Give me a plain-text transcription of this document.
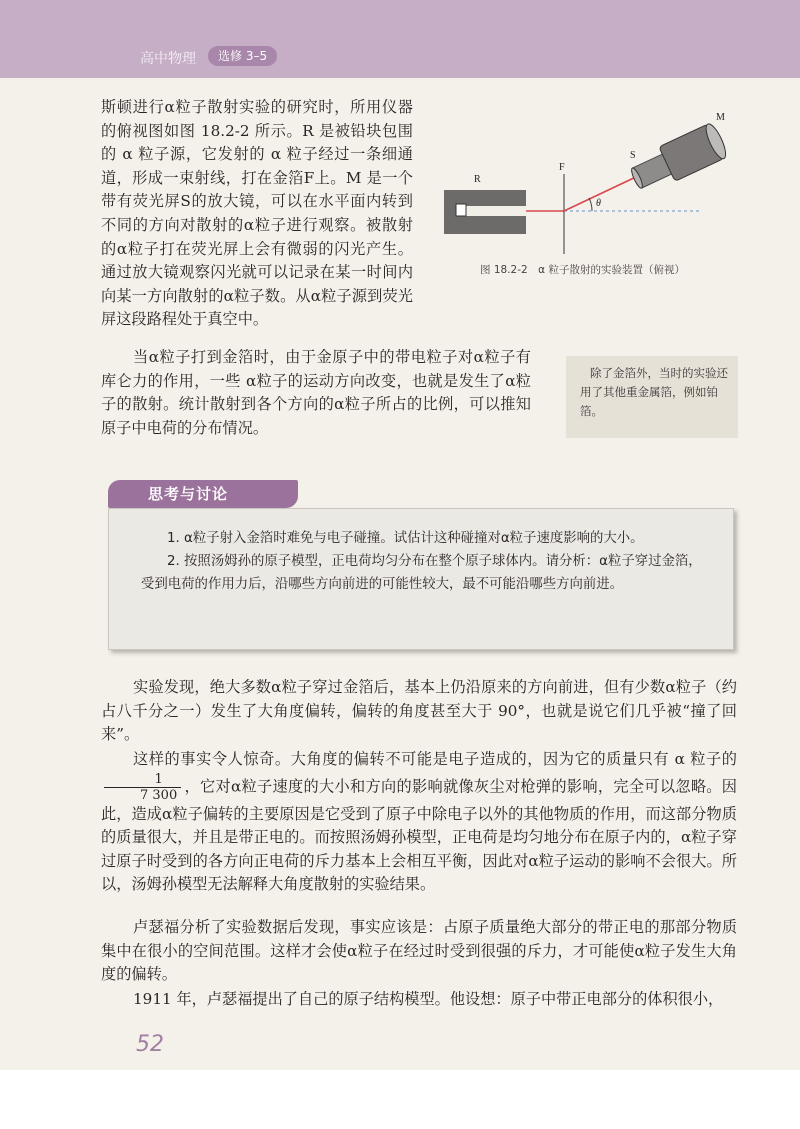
高中物理	选修 3–5

斯顿进行α粒子散射实验的研究时，所用仪器的俯视图如图 18.2-2 所示。R 是被铅块包围的 α 粒子源，它发射的 α 粒子经过一条细通道，形成一束射线，打在金箔F上。M 是一个带有荧光屏S的放大镜，可以在水平面内转到不同的方向对散射的α粒子进行观察。被散射的α粒子打在荧光屏上会有微弱的闪光产生。通过放大镜观察闪光就可以记录在某一时间内向某一方向散射的α粒子数。从α粒子源到荧光屏这段路程处于真空中。

R
F
S
M
θ
图 18.2-2　α 粒子散射的实验装置（俯视）

当α粒子打到金箔时，由于金原子中的带电粒子对α粒子有库仑力的作用，一些 α粒子的运动方向改变，也就是发生了α粒子的散射。统计散射到各个方向的α粒子所占的比例，可以推知原子中电荷的分布情况。

除了金箔外，当时的实验还用了其他重金属箔，例如铂箔。
思考与讨论

1. α粒子射入金箔时难免与电子碰撞。试估计这种碰撞对α粒子速度影响的大小。

2. 按照汤姆孙的原子模型，正电荷均匀分布在整个原子球体内。请分析：α粒子穿过金箔，受到电荷的作用力后，沿哪些方向前进的可能性较大，最不可能沿哪些方向前进。

实验发现，绝大多数α粒子穿过金箔后，基本上仍沿原来的方向前进，但有少数α粒子（约占八千分之一）发生了大角度偏转，偏转的角度甚至大于 90°，也就是说它们几乎被“撞了回来”。

这样的事实令人惊奇。大角度的偏转不可能是电子造成的，因为它的质量只有 α 粒子的
$\frac{1}{7 300}$ ，它对α粒子速度的大小和方向的影响就像灰尘对枪弹的影响，完全可以忽略。因此，造成α粒子偏转的主要原因是它受到了原子中除电子以外的其他物质的作用，而这部分物质的质量很大，并且是带正电的。而按照汤姆孙模型，正电荷是均匀地分布在原子内的，α粒子穿过原子时受到的各方向正电荷的斥力基本上会相互平衡，因此对α粒子运动的影响不会很大。所以，汤姆孙模型无法解释大角度散射的实验结果。

卢瑟福分析了实验数据后发现，事实应该是：占原子质量绝大部分的带正电的那部分物质集中在很小的空间范围。这样才会使α粒子在经过时受到很强的斥力，才可能使α粒子发生大角度的偏转。

1911 年，卢瑟福提出了自己的原子结构模型。他设想：原子中带正电部分的体积很小，

52
